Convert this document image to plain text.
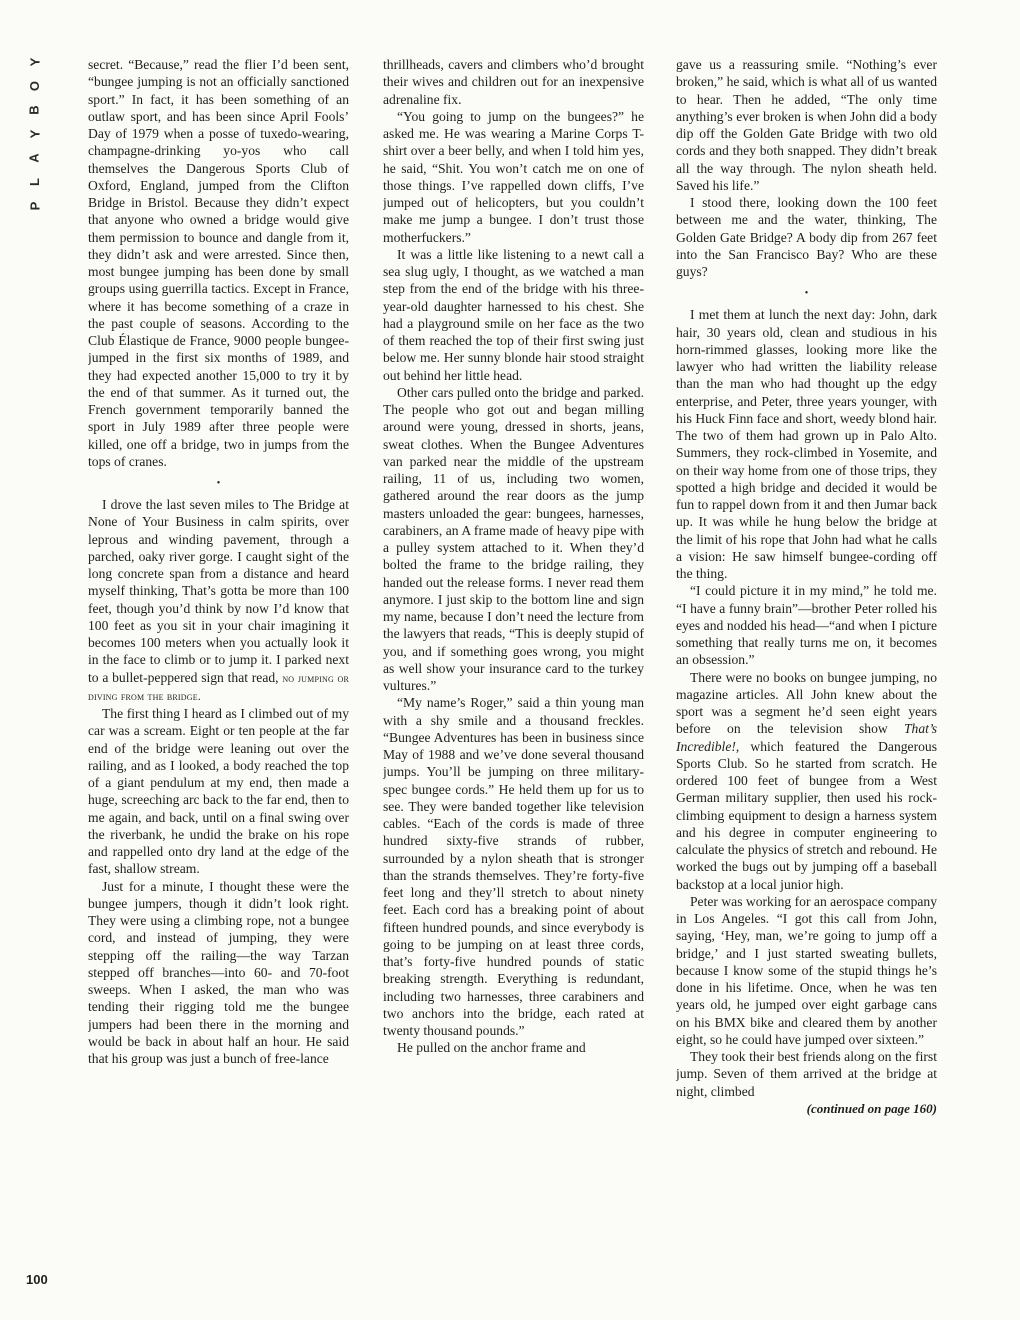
Y
O
B
Y
A
L
P
100

secret. “Because,” read the flier I’d been sent, “bungee jumping is not an officially sanctioned sport.” In fact, it has been something of an outlaw sport, and has been since April Fools’ Day of 1979 when a posse of tuxedo-wearing, champagne-drinking yo-yos who call themselves the Dangerous Sports Club of Oxford, England, jumped from the Clifton Bridge in Bristol. Because they didn’t expect that anyone who owned a bridge would give them permission to bounce and dangle from it, they didn’t ask and were arrested. Since then, most bungee jumping has been done by small groups using guerrilla tactics. Except in France, where it has become something of a craze in the past couple of seasons. According to the Club Élastique de France, 9000 people bungee-jumped in the first six months of 1989, and they had expected another 15,000 to try it by the end of that summer. As it turned out, the French government temporarily banned the sport in July 1989 after three people were killed, one off a bridge, two in jumps from the tops of cranes.

•

I drove the last seven miles to The Bridge at None of Your Business in calm spirits, over leprous and winding pavement, through a parched, oaky river gorge. I caught sight of the long concrete span from a distance and heard myself thinking, That’s gotta be more than 100 feet, though you’d think by now I’d know that 100 feet as you sit in your chair imagining it becomes 100 meters when you actually look it in the face to climb or to jump it. I parked next to a bullet-peppered sign that read, no jumping or diving from the bridge.

The first thing I heard as I climbed out of my car was a scream. Eight or ten people at the far end of the bridge were leaning out over the railing, and as I looked, a body reached the top of a giant pendulum at my end, then made a huge, screeching arc back to the far end, then to me again, and back, until on a final swing over the riverbank, he undid the brake on his rope and rappelled onto dry land at the edge of the fast, shallow stream.

Just for a minute, I thought these were the bungee jumpers, though it didn’t look right. They were using a climbing rope, not a bungee cord, and instead of jumping, they were stepping off the railing—the way Tarzan stepped off branches—into 60- and 70-foot sweeps. When I asked, the man who was tending their rigging told me the bungee jumpers had been there in the morning and would be back in about half an hour. He said that his group was just a bunch of free-lance

thrillheads, cavers and climbers who’d brought their wives and children out for an inexpensive adrenaline fix.

“You going to jump on the bungees?” he asked me. He was wearing a Marine Corps T-shirt over a beer belly, and when I told him yes, he said, “Shit. You won’t catch me on one of those things. I’ve rappelled down cliffs, I’ve jumped out of helicopters, but you couldn’t make me jump a bungee. I don’t trust those motherfuckers.”

It was a little like listening to a newt call a sea slug ugly, I thought, as we watched a man step from the end of the bridge with his three-year-old daughter harnessed to his chest. She had a playground smile on her face as the two of them reached the top of their first swing just below me. Her sunny blonde hair stood straight out behind her little head.

Other cars pulled onto the bridge and parked. The people who got out and began milling around were young, dressed in shorts, jeans, sweat clothes. When the Bungee Adventures van parked near the middle of the upstream railing, 11 of us, including two women, gathered around the rear doors as the jump masters unloaded the gear: bungees, harnesses, carabiners, an A frame made of heavy pipe with a pulley system attached to it. When they’d bolted the frame to the bridge railing, they handed out the release forms. I never read them anymore. I just skip to the bottom line and sign my name, because I don’t need the lecture from the lawyers that reads, “This is deeply stupid of you, and if something goes wrong, you might as well show your insurance card to the turkey vultures.”

“My name’s Roger,” said a thin young man with a shy smile and a thousand freckles. “Bungee Adventures has been in business since May of 1988 and we’ve done several thousand jumps. You’ll be jumping on three military-spec bungee cords.” He held them up for us to see. They were banded together like television cables. “Each of the cords is made of three hundred sixty-five strands of rubber, surrounded by a nylon sheath that is stronger than the strands themselves. They’re forty-five feet long and they’ll stretch to about ninety feet. Each cord has a breaking point of about fifteen hundred pounds, and since everybody is going to be jumping on at least three cords, that’s forty-five hundred pounds of static breaking strength. Everything is redundant, including two harnesses, three carabiners and two anchors into the bridge, each rated at twenty thousand pounds.”

He pulled on the anchor frame and

gave us a reassuring smile. “Nothing’s ever broken,” he said, which is what all of us wanted to hear. Then he added, “The only time anything’s ever broken is when John did a body dip off the Golden Gate Bridge with two old cords and they both snapped. They didn’t break all the way through. The nylon sheath held. Saved his life.”

I stood there, looking down the 100 feet between me and the water, thinking, The Golden Gate Bridge? A body dip from 267 feet into the San Francisco Bay? Who are these guys?

•

I met them at lunch the next day: John, dark hair, 30 years old, clean and studious in his horn-rimmed glasses, looking more like the lawyer who had written the liability release than the man who had thought up the edgy enterprise, and Peter, three years younger, with his Huck Finn face and short, weedy blond hair. The two of them had grown up in Palo Alto. Summers, they rock-climbed in Yosemite, and on their way home from one of those trips, they spotted a high bridge and decided it would be fun to rappel down from it and then Jumar back up. It was while he hung below the bridge at the limit of his rope that John had what he calls a vision: He saw himself bungee-cording off the thing.

“I could picture it in my mind,” he told me. “I have a funny brain”—brother Peter rolled his eyes and nodded his head—“and when I picture something that really turns me on, it becomes an obsession.”

There were no books on bungee jumping, no magazine articles. All John knew about the sport was a segment he’d seen eight years before on the television show That’s Incredible!, which featured the Dangerous Sports Club. So he started from scratch. He ordered 100 feet of bungee from a West German military supplier, then used his rock-climbing equipment to design a harness system and his degree in computer engineering to calculate the physics of stretch and rebound. He worked the bugs out by jumping off a baseball backstop at a local junior high.

Peter was working for an aerospace company in Los Angeles. “I got this call from John, saying, ‘Hey, man, we’re going to jump off a bridge,’ and I just started sweating bullets, because I know some of the stupid things he’s done in his lifetime. Once, when he was ten years old, he jumped over eight garbage cans on his BMX bike and cleared them by another eight, so he could have jumped over sixteen.”

They took their best friends along on the first jump. Seven of them arrived at the bridge at night, climbed

(continued on page 160)
